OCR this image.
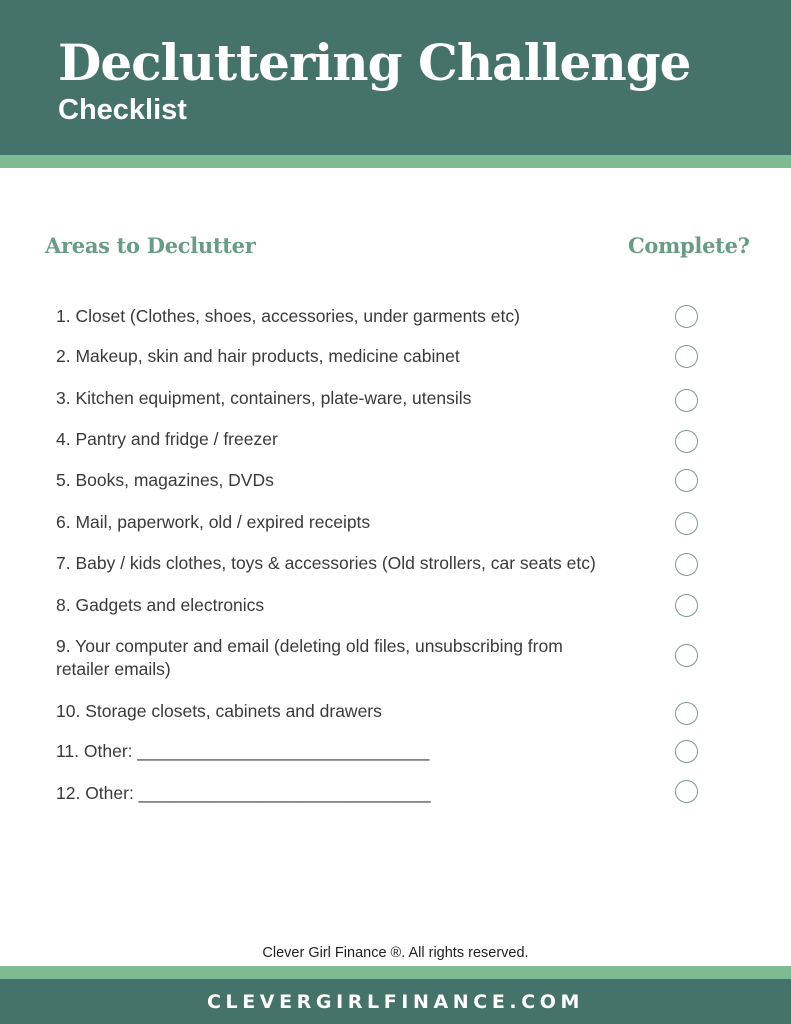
Decluttering Challenge
Checklist
Areas to Declutter	Complete?
1. Closet (Clothes, shoes, accessories, under garments etc)
2. Makeup, skin and hair products, medicine cabinet
3. Kitchen equipment, containers, plate-ware, utensils
4. Pantry and fridge / freezer
5. Books, magazines, DVDs
6. Mail, paperwork, old / expired receipts
7. Baby / kids clothes, toys & accessories (Old strollers, car seats etc)
8. Gadgets and electronics
9. Your computer and email (deleting old files, unsubscribing from retailer emails)
10. Storage closets, cabinets and drawers
11. Other: ______________________________
12. Other: ______________________________
Clever Girl Finance ®. All rights reserved.
CLEVERGIRLFINANCE.COM
